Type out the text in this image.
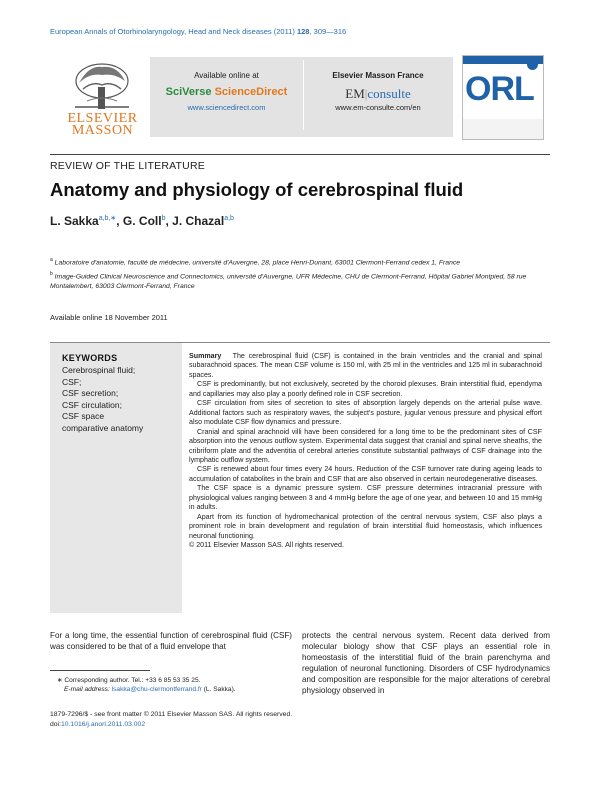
European Annals of Otorhinolaryngology, Head and Neck diseases (2011) 128, 309—316
ELSEVIER
MASSON
Available online at
SciVerse ScienceDirect
www.sciencedirect.com
Elsevier Masson France
EM|consulte
www.em-consulte.com/en	ORL
REVIEW OF THE LITERATURE
Anatomy and physiology of cerebrospinal fluid
L. Sakka$^{a,b,∗}$, G. Coll$^b$, J. Chazal$^{a,b}$
$^a$ Laboratoire d'anatomie, faculté de médecine, université d'Auvergne, 28, place Henri-Dunant, 63001 Clermont-Ferrand cedex 1, France
$^b$ Image-Guided Clinical Neuroscience and Connectomics, université d'Auvergne, UFR Médecine, CHU de Clermont-Ferrand, Hôpital Gabriel Montpied, 58 rue Montalembert, 63003 Clermont-Ferrand, France
Available online 18 November 2011
KEYWORDS
Cerebrospinal fluid;
CSF;
CSF secretion;
CSF circulation;
CSF space
comparative anatomy

Summary The cerebrospinal fluid (CSF) is contained in the brain ventricles and the cranial and spinal subarachnoid spaces. The mean CSF volume is 150 ml, with 25 ml in the ventricles and 125 ml in subarachnoid spaces.

CSF is predominantly, but not exclusively, secreted by the choroid plexuses. Brain interstitial fluid, ependyma and capillaries may also play a poorly defined role in CSF secretion.

CSF circulation from sites of secretion to sites of absorption largely depends on the arterial pulse wave. Additional factors such as respiratory waves, the subject's posture, jugular venous pressure and physical effort also modulate CSF flow dynamics and pressure.

Cranial and spinal arachnoid villi have been considered for a long time to be the predominant sites of CSF absorption into the venous outflow system. Experimental data suggest that cranial and spinal nerve sheaths, the cribriform plate and the adventitia of cerebral arteries constitute substantial pathways of CSF drainage into the lymphatic outflow system.

CSF is renewed about four times every 24 hours. Reduction of the CSF turnover rate during ageing leads to accumulation of catabolites in the brain and CSF that are also observed in certain neurodegenerative diseases.

The CSF space is a dynamic pressure system. CSF pressure determines intracranial pressure with physiological values ranging between 3 and 4 mmHg before the age of one year, and between 10 and 15 mmHg in adults.

Apart from its function of hydromechanical protection of the central nervous system, CSF also plays a prominent role in brain development and regulation of brain interstitial fluid homeostasis, which influences neuronal functioning.

© 2011 Elsevier Masson SAS. All rights reserved.

For a long time, the essential function of cerebrospinal fluid (CSF) was considered to be that of a fluid envelope that
protects the central nervous system. Recent data derived from molecular biology show that CSF plays an essential role in homeostasis of the interstitial fluid of the brain parenchyma and regulation of neuronal functioning. Disorders of CSF hydrodynamics and composition are responsible for the major alterations of cerebral physiology observed in
∗ Corresponding author. Tel.: +33 6 85 53 35 25.
E-mail address: lsakka@chu-clermontferrand.fr (L. Sakka).
1879-7296/$ - see front matter © 2011 Elsevier Masson SAS. All rights reserved.
doi:10.1016/j.anorl.2011.03.002
